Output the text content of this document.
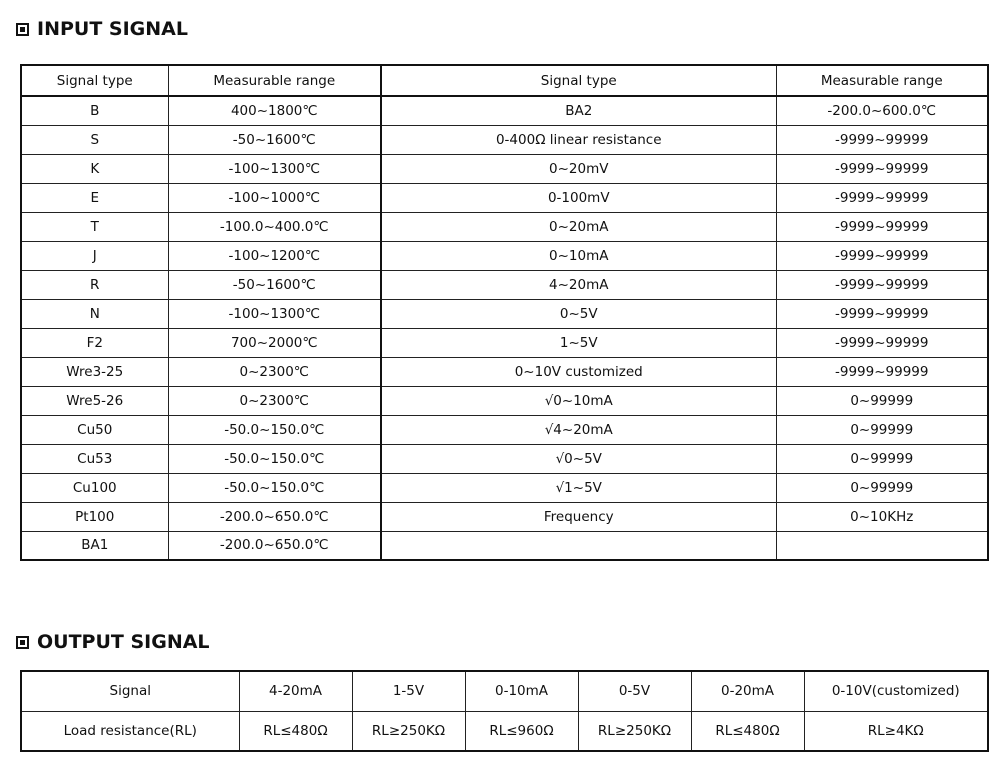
INPUT SIGNAL
Signal type	Measurable range	Signal type	Measurable range
B	400~1800℃	BA2	-200.0~600.0℃
S	-50~1600℃	0-400Ω linear resistance	-9999~99999
K	-100~1300℃	0~20mV	-9999~99999
E	-100~1000℃	0-100mV	-9999~99999
T	-100.0~400.0℃	0~20mA	-9999~99999
J	-100~1200℃	0~10mA	-9999~99999
R	-50~1600℃	4~20mA	-9999~99999
N	-100~1300℃	0~5V	-9999~99999
F2	700~2000℃	1~5V	-9999~99999
Wre3-25	0~2300℃	0~10V customized	-9999~99999
Wre5-26	0~2300℃	√0~10mA	0~99999
Cu50	-50.0~150.0℃	√4~20mA	0~99999
Cu53	-50.0~150.0℃	√0~5V	0~99999
Cu100	-50.0~150.0℃	√1~5V	0~99999
Pt100	-200.0~650.0℃	Frequency	0~10KHz
BA1	-200.0~650.0℃		
OUTPUT SIGNAL
Signal	4-20mA	1-5V	0-10mA	0-5V	0-20mA	0-10V(customized)
Load resistance(RL)	RL≤480Ω	RL≥250KΩ	RL≤960Ω	RL≥250KΩ	RL≤480Ω	RL≥4KΩ
